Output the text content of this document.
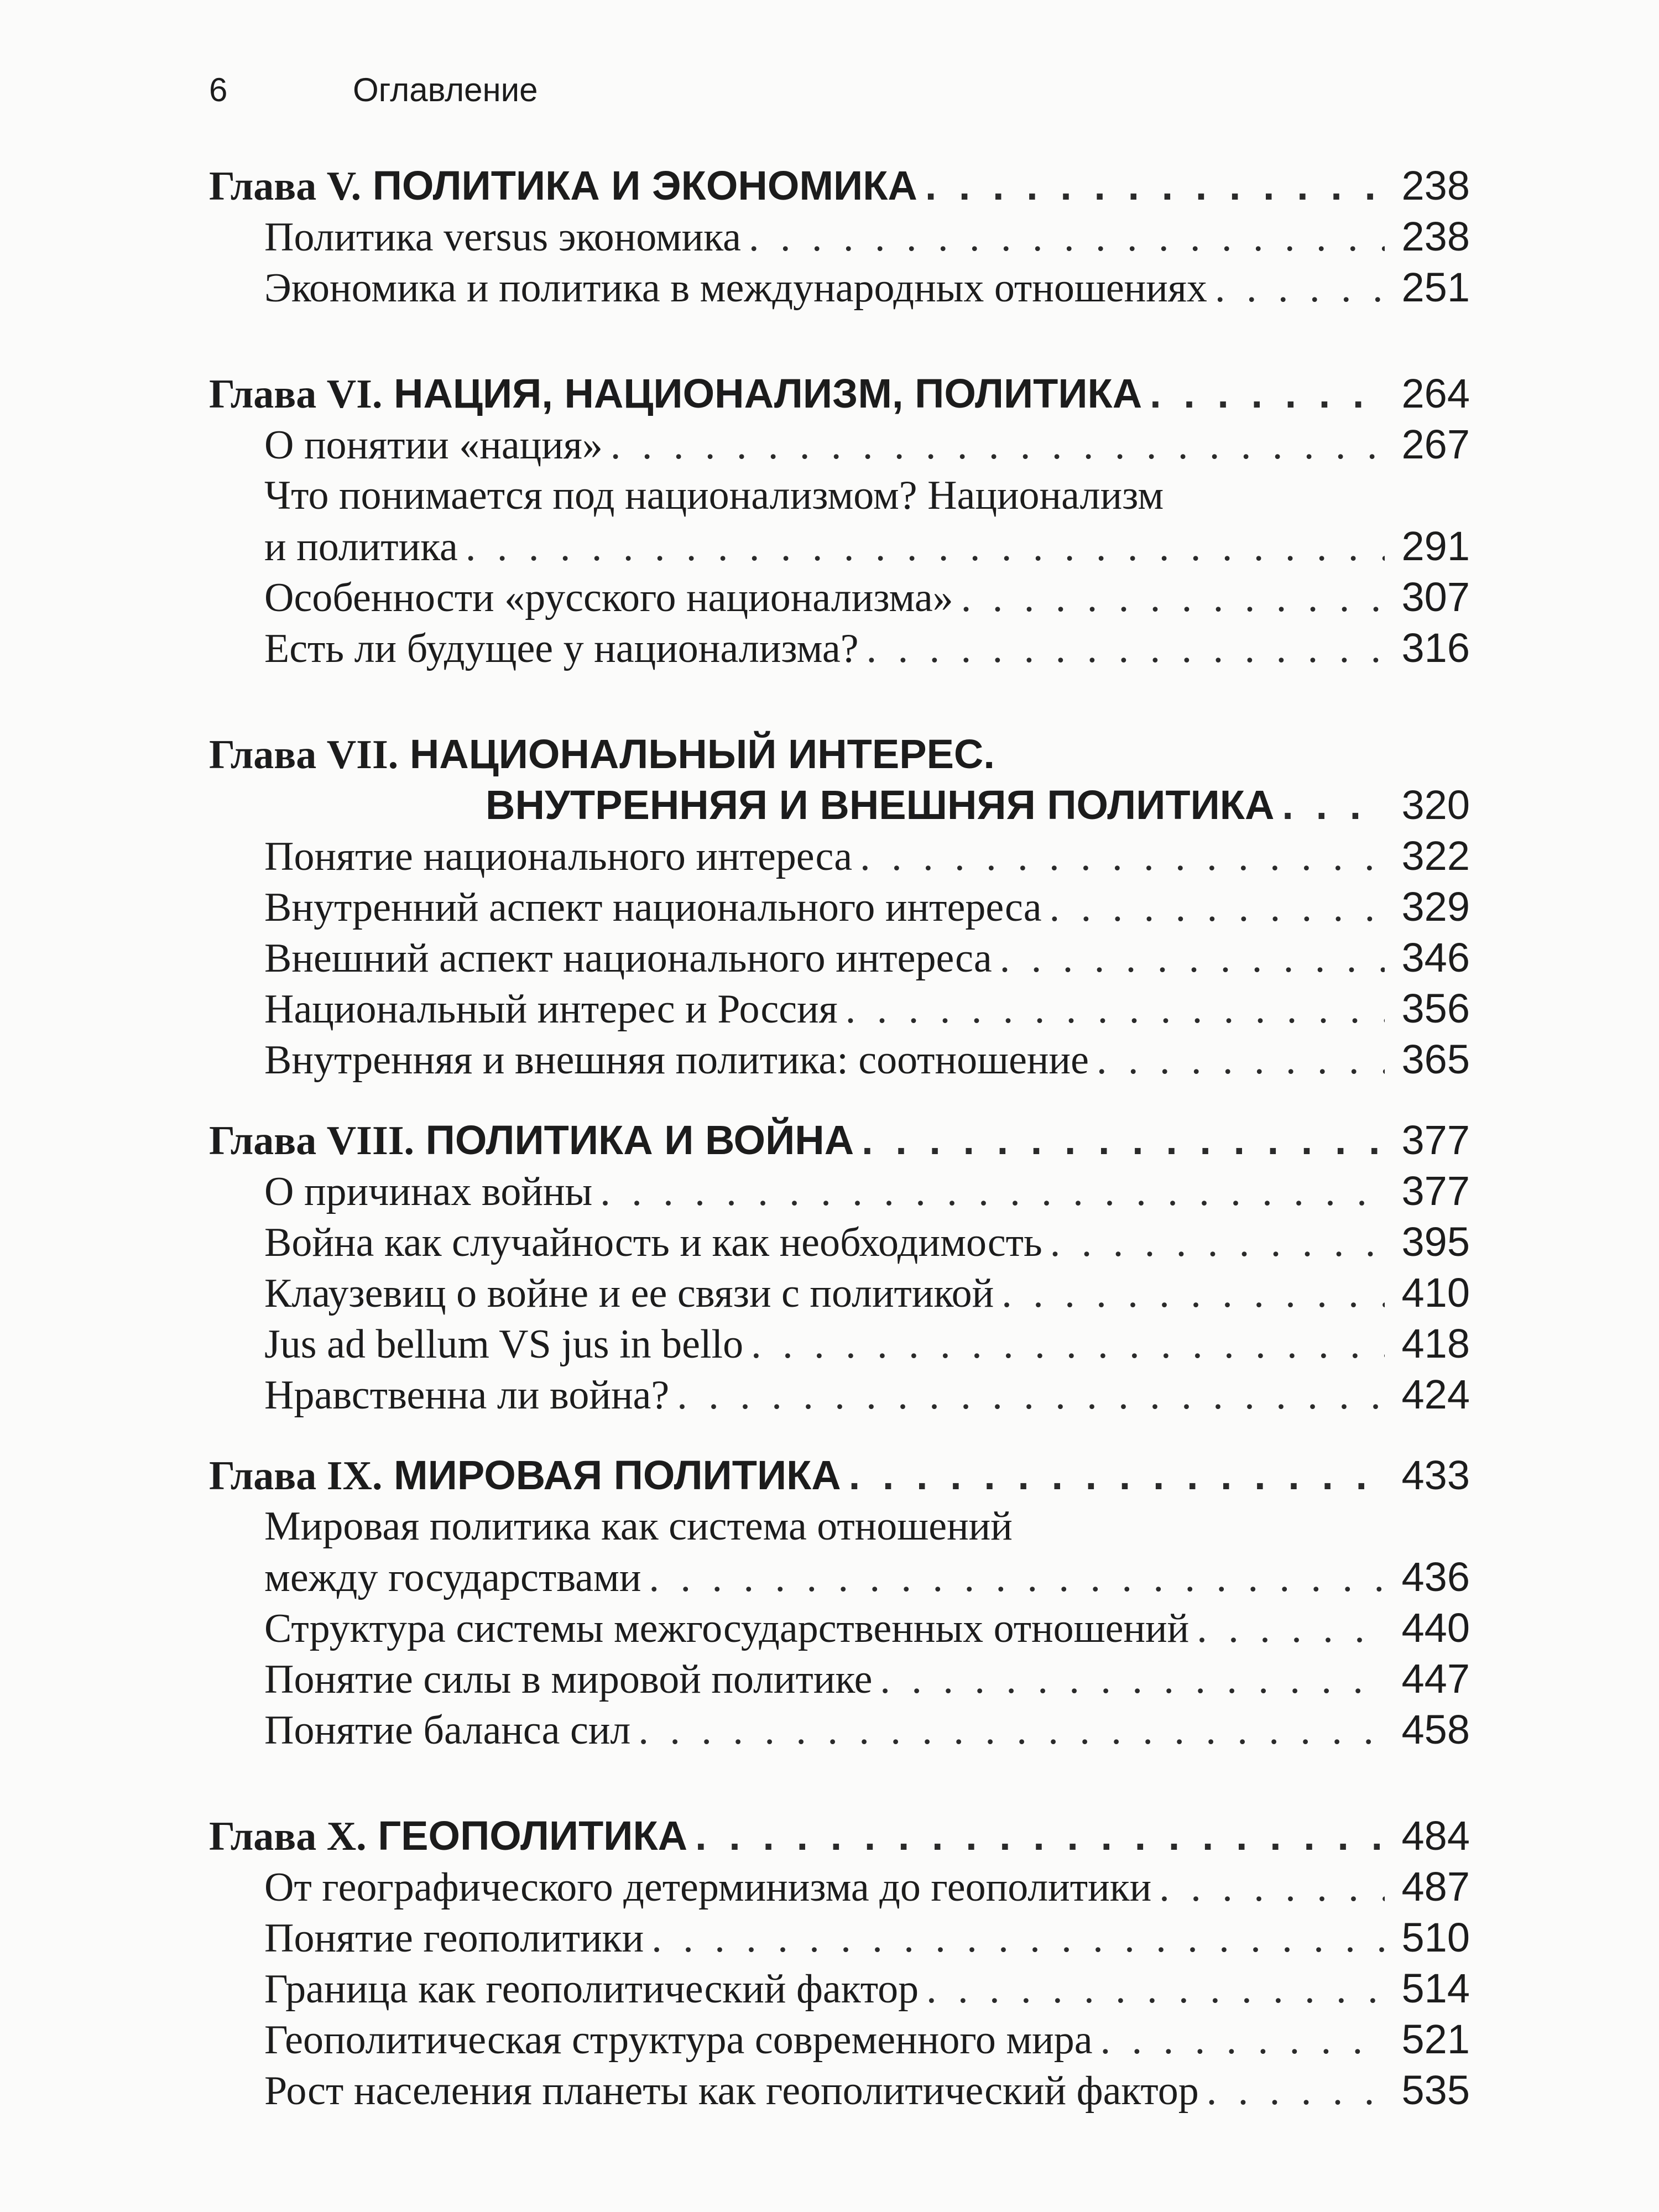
6	Оглавление
Глава V.
ПОЛИТИКА И ЭКОНОМИКА . . .	238
Политика versus экономика . . .	238
Экономика и политика в международных отношениях . . .	251
Глава VI.
НАЦИЯ, НАЦИОНАЛИЗМ, ПОЛИТИКА . . .	264
О понятии «нация» . . .	267
Что понимается под национализмом? Национализм
и политика . . .	291
Особенности «русского национализма» . . .	307
Есть ли будущее у национализма? . . .	316
Глава VII.
НАЦИОНАЛЬНЫЙ ИНТЕРЕС.
ВНУТРЕННЯЯ И ВНЕШНЯЯ ПОЛИТИКА . . .	320
Понятие национального интереса . . .	322
Внутренний аспект национального интереса . . .	329
Внешний аспект национального интереса . . .	346
Национальный интерес и Россия . . .	356
Внутренняя и внешняя политика: соотношение . . .	365
Глава VIII.
ПОЛИТИКА И ВОЙНА . . .	377
О причинах войны . . .	377
Война как случайность и как необходимость . . .	395
Клаузевиц о войне и ее связи с политикой . . .	410
Jus ad bellum VS jus in bello . . .	418
Нравственна ли война? . . .	424
Глава IX.
МИРОВАЯ ПОЛИТИКА . . .	433
Мировая политика как система отношений
между государствами . . .	436
Структура системы межгосударственных отношений . . .	440
Понятие силы в мировой политике . . .	447
Понятие баланса сил . . .	458
Глава X.
ГЕОПОЛИТИКА . . .	484
От географического детерминизма до геополитики . . .	487
Понятие геополитики . . .	510
Граница как геополитический фактор . . .	514
Геополитическая структура современного мира . . .	521
Рост населения планеты как геополитический фактор . . .	535
